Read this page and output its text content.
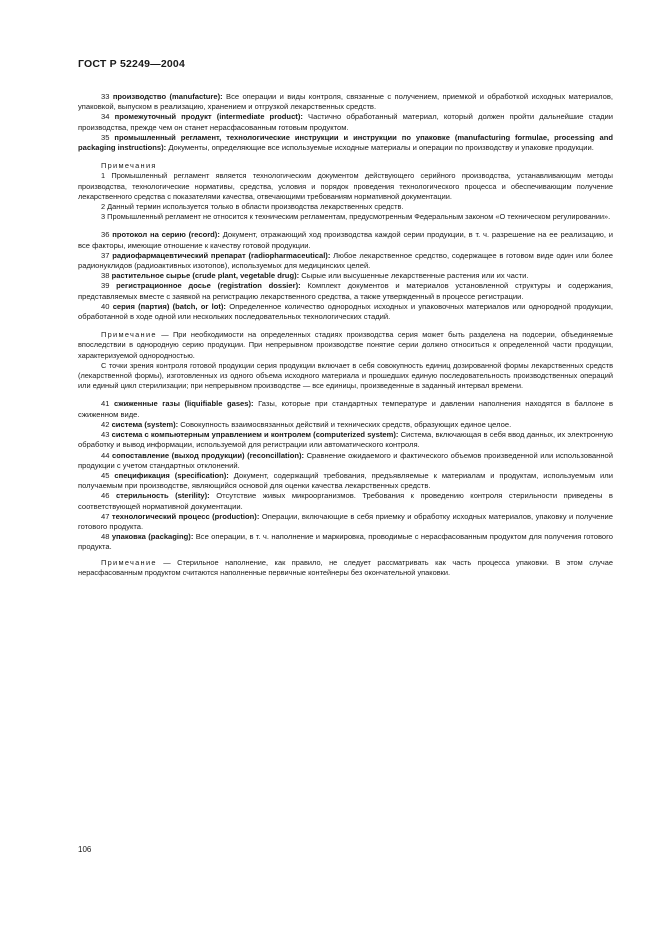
ГОСТ Р 52249—2004

33 производство (manufacture): Все операции и виды контроля, связанные с получением, приемкой и обработкой исходных материалов, упаковкой, выпуском в реализацию, хранением и отгрузкой лекарственных средств.

34 промежуточный продукт (intermediate product): Частично обработанный материал, который должен пройти дальнейшие стадии производства, прежде чем он станет нерасфасованным готовым продуктом.

35 промышленный регламент, технологические инструкции и инструкции по упаковке (manufacturing formulae, processing and packaging instructions): Документы, определяющие все используемые исходные материалы и операции по производству и упаковке продукции.

Примечания

1 Промышленный регламент является технологическим документом действующего серийного производства, устанавливающим методы производства, технологические нормативы, средства, условия и порядок проведения технологического процесса и обеспечивающим получение лекарственного средства с показателями качества, отвечающими требованиям нормативной документации.

2 Данный термин используется только в области производства лекарственных средств.

3 Промышленный регламент не относится к техническим регламентам, предусмотренным Федеральным законом «О техническом регулировании».

36 протокол на серию (record): Документ, отражающий ход производства каждой серии продукции, в т. ч. разрешение на ее реализацию, и все факторы, имеющие отношение к качеству готовой продукции.

37 радиофармацевтический препарат (radiopharmaceutical): Любое лекарственное средство, содержащее в готовом виде один или более радионуклидов (радиоактивных изотопов), используемых для медицинских целей.

38 растительное сырье (crude plant, vegetable drug): Сырые или высушенные лекарственные растения или их части.

39 регистрационное досье (registration dossier): Комплект документов и материалов установленной структуры и содержания, представляемых вместе с заявкой на регистрацию лекарственного средства, а также утвержденный в процессе регистрации.

40 серия (партия) (batch, or lot): Определенное количество однородных исходных и упаковочных материалов или однородной продукции, обработанной в ходе одной или нескольких последовательных технологических стадий.

Примечание — При необходимости на определенных стадиях производства серия может быть разделена на подсерии, объединяемые впоследствии в однородную серию продукции. При непрерывном производстве понятие серии должно относиться к определенной части продукции, характеризуемой однородностью.

С точки зрения контроля готовой продукции серия продукции включает в себя совокупность единиц дозированной формы лекарственных средств (лекарственной формы), изготовленных из одного объема исходного материала и прошедших единую последовательность производственных операций или единый цикл стерилизации; при непрерывном производстве — все единицы, произведенные в заданный интервал времени.

41 сжиженные газы (liquifiable gases): Газы, которые при стандартных температуре и давлении наполнения находятся в баллоне в сжиженном виде.

42 система (system): Совокупность взаимосвязанных действий и технических средств, образующих единое целое.

43 система с компьютерным управлением и контролем (computerized system): Система, включающая в себя ввод данных, их электронную обработку и вывод информации, используемой для регистрации или автоматического контроля.

44 сопоставление (выход продукции) (reconcillation): Сравнение ожидаемого и фактического объемов произведенной или использованной продукции с учетом стандартных отклонений.

45 спецификация (specification): Документ, содержащий требования, предъявляемые к материалам и продуктам, используемым или получаемым при производстве, являющийся основой для оценки качества лекарственных средств.

46 стерильность (sterility): Отсутствие живых микроорганизмов. Требования к проведению контроля стерильности приведены в соответствующей нормативной документации.

47 технологический процесс (production): Операции, включающие в себя приемку и обработку исходных материалов, упаковку и получение готового продукта.

48 упаковка (packaging): Все операции, в т. ч. наполнение и маркировка, проводимые с нерасфасованным продуктом для получения готового продукта.

Примечание — Стерильное наполнение, как правило, не следует рассматривать как часть процесса упаковки. В этом случае нерасфасованным продуктом считаются наполненные первичные контейнеры без окончательной упаковки.

106
